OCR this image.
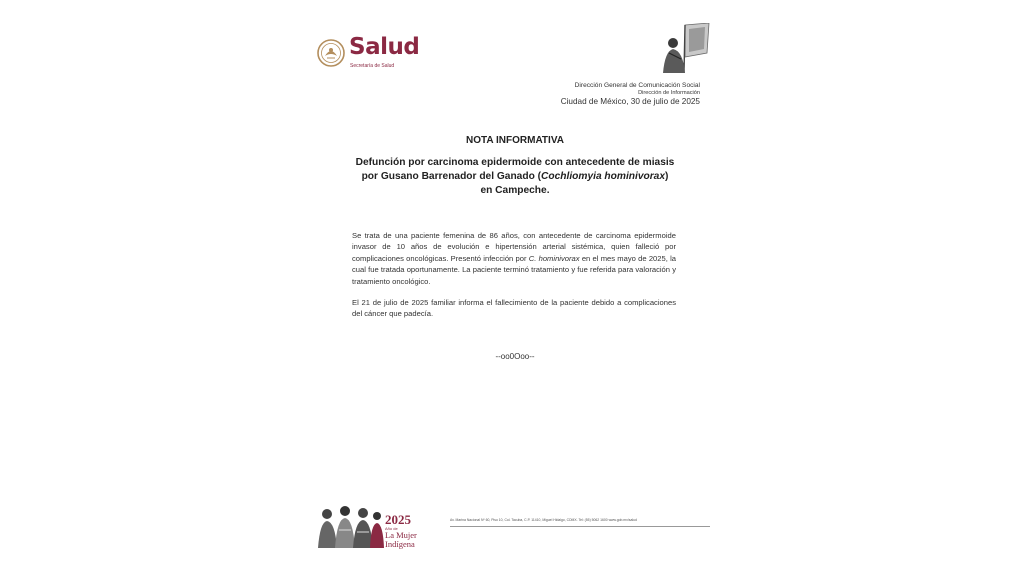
Salud
Secretaría de Salud
Dirección General de Comunicación Social
Dirección de Información
Ciudad de México, 30 de julio de 2025
NOTA INFORMATIVA
Defunción por carcinoma epidermoide con antecedente de miasis por Gusano Barrenador del Ganado (Cochliomyia hominivorax) en Campeche.

Se trata de una paciente femenina de 86 años, con antecedente de carcinoma epidermoide invasor de 10 años de evolución e hipertensión arterial sistémica, quien falleció por complicaciones oncológicas. Presentó infección por C. hominivorax en el mes mayo de 2025, la cual fue tratada oportunamente. La paciente terminó tratamiento y fue referida para valoración y tratamiento oncológico.

El 21 de julio de 2025 familiar informa el fallecimiento de la paciente debido a complicaciones del cáncer que padecía.

--oo0Ooo--
2025
Año de
La Mujer
Indígena
Av. Marina Nacional Nº 60, Piso 10, Col. Tacuba, C.P. 11410, Miguel Hidalgo, CDMX. Tel: (55) 5062 1600 www.gob.mx/salud
